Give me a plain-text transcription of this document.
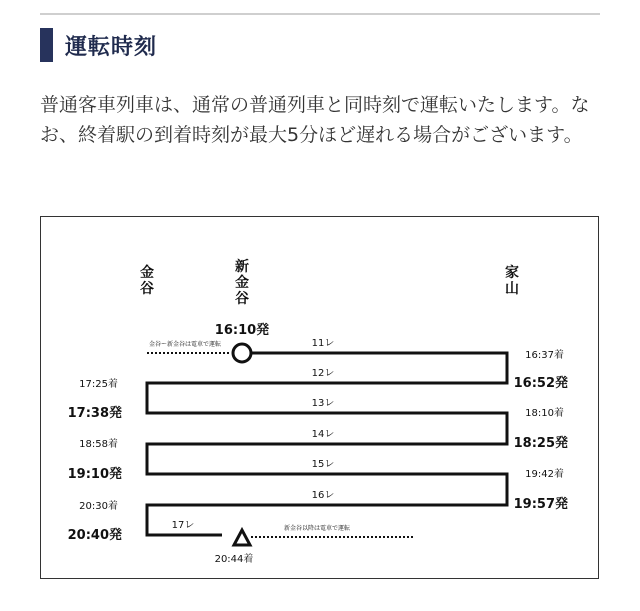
運転時刻

普通客車列車は、通常の普通列車と同時刻で運転いたします。なお、終着駅の到着時刻が最大5分ほど遅れる場合がございます。

金
谷
新
金
谷
家
山
金谷ー新金谷は電車で運転
16:10発
新金谷以降は電車で運転
20:44着
11レ
12レ
13レ
14レ
15レ
16レ
17レ
16:37着
16:52発
18:10着
18:25発
19:42着
19:57発
17:25着
17:38発
18:58着
19:10発
20:30着
20:40発
